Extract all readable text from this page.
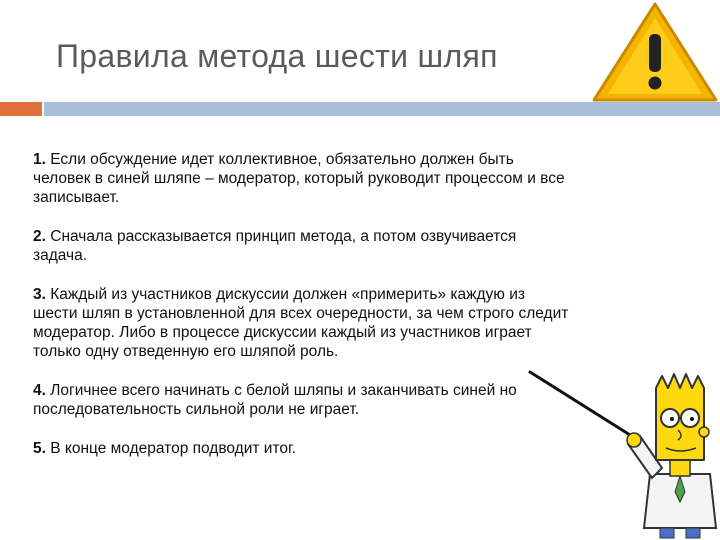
Правила метода шести шляп

1. Если обсуждение идет коллективное, обязательно должен быть человек в синей шляпе – модератор, который руководит процессом и все записывает.

2. Сначала рассказывается принцип метода, а потом озвучивается задача.

3. Каждый из участников дискуссии должен «примерить» каждую из шести шляп в установленной для всех очередности, за чем строго следит модератор. Либо в процессе дискуссии каждый из участников играет только одну отведенную его шляпой роль.

4. Логичнее всего начинать с белой шляпы и заканчивать синей но последовательность сильной роли не играет.

5. В конце модератор подводит итог.
